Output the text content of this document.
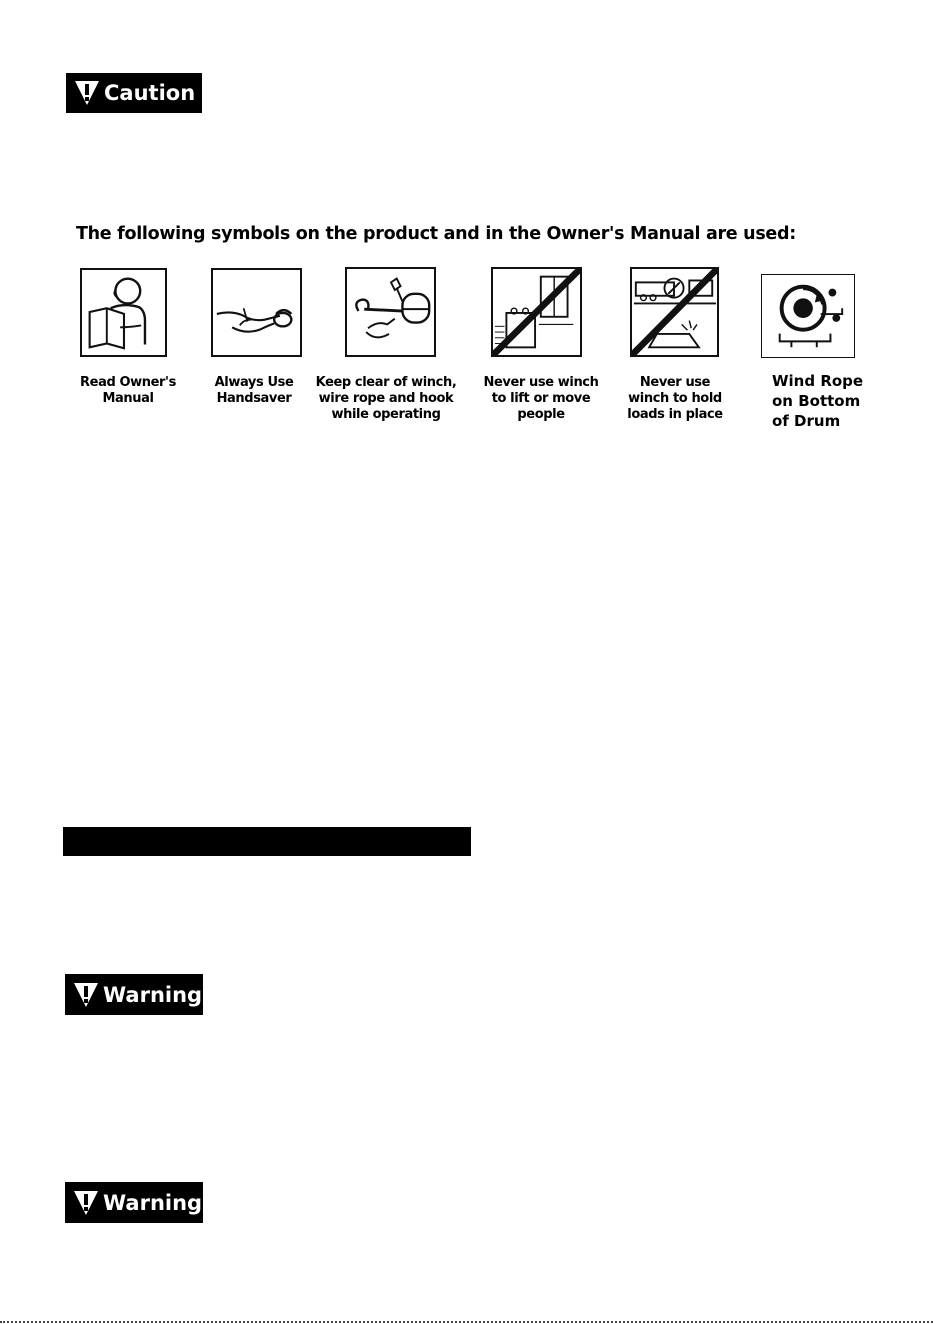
Caution
The following symbols on the product and in the Owner's Manual are used:
Read Owner's
Manual
Always Use
Handsaver
Keep clear of winch,
wire rope and hook
while operating
Never use winch
to lift or move
people
Never use
winch to hold
loads in place
Wind Rope
on Bottom
of Drum
Warning
Warning
